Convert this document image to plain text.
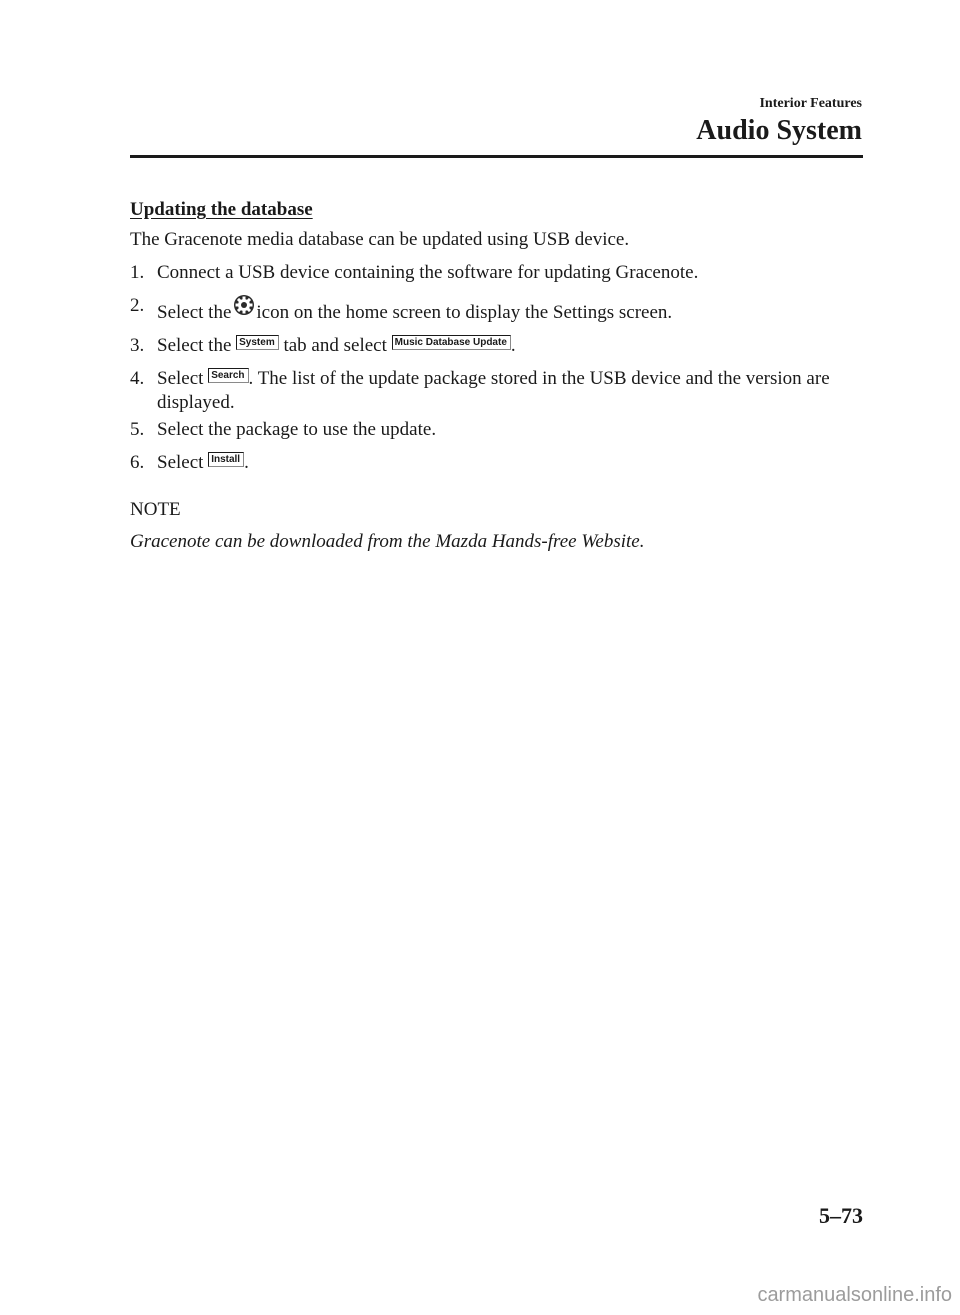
Interior Features
Audio System
Updating the database
The Gracenote media database can be updated using USB device.
1. Connect a USB device containing the software for updating Gracenote.
2. Select the icon on the home screen to display the Settings screen.
3. Select the System tab and select Music Database Update .
4. Select Search . The list of the update package stored in the USB device and the version are displayed.
5. Select the package to use the update.
6. Select Install .
NOTE
Gracenote can be downloaded from the Mazda Hands-free Website.
5–73
carmanualsonline.info
